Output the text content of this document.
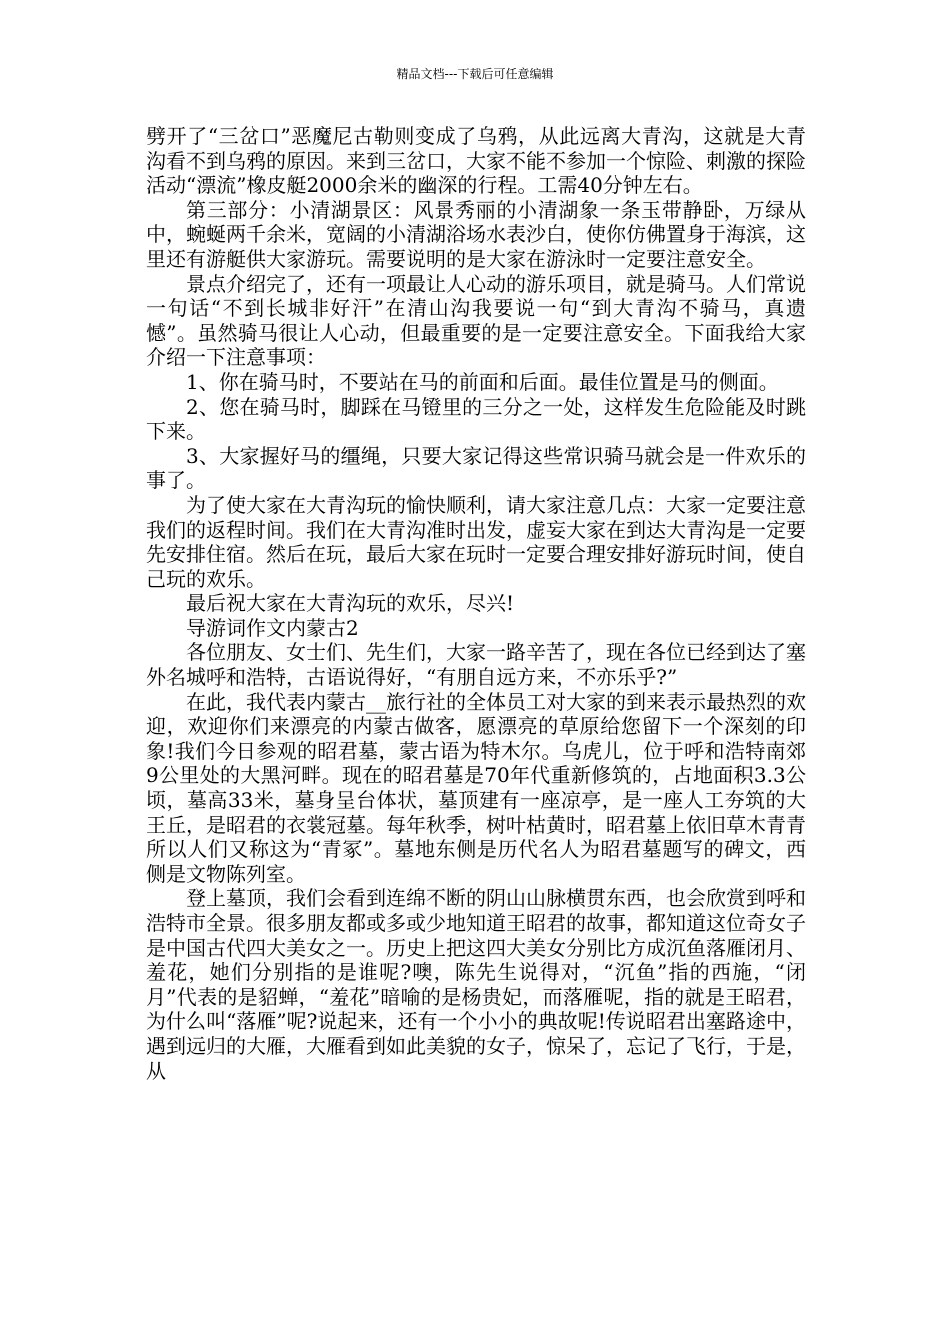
精品文档---下载后可任意编辑

劈开了“三岔口”恶魔尼古勒则变成了乌鸦，从此远离大青沟，这就是大青沟看不到乌鸦的原因。来到三岔口，大家不能不参加一个惊险、刺激的探险活动“漂流”橡皮艇2000余米的幽深的行程。工需40分钟左右。

第三部分：小清湖景区：风景秀丽的小清湖象一条玉带静卧，万绿从中，蜿蜒两千余米，宽阔的小清湖浴场水表沙白，使你仿佛置身于海滨，这里还有游艇供大家游玩。需要说明的是大家在游泳时一定要注意安全。

景点介绍完了，还有一项最让人心动的游乐项目，就是骑马。人们常说一句话“不到长城非好汗”在清山沟我要说一句“到大青沟不骑马，真遗憾”。虽然骑马很让人心动，但最重要的是一定要注意安全。下面我给大家介绍一下注意事项：

1、你在骑马时，不要站在马的前面和后面。最佳位置是马的侧面。

2、您在骑马时，脚踩在马镫里的三分之一处，这样发生危险能及时跳下来。

3、大家握好马的缰绳，只要大家记得这些常识骑马就会是一件欢乐的事了。

为了使大家在大青沟玩的愉快顺利，请大家注意几点：大家一定要注意我们的返程时间。我们在大青沟准时出发，虚妄大家在到达大青沟是一定要先安排住宿。然后在玩，最后大家在玩时一定要合理安排好游玩时间，使自己玩的欢乐。

最后祝大家在大青沟玩的欢乐，尽兴!

导游词作文内蒙古2

各位朋友、女士们、先生们，大家一路辛苦了，现在各位已经到达了塞外名城呼和浩特，古语说得好，“有朋自远方来，不亦乐乎?”

在此，我代表内蒙古__旅行社的全体员工对大家的到来表示最热烈的欢迎，欢迎你们来漂亮的内蒙古做客，愿漂亮的草原给您留下一个深刻的印象!我们今日参观的昭君墓，蒙古语为特木尔。乌虎儿，位于呼和浩特南郊9公里处的大黑河畔。现在的昭君墓是70年代重新修筑的，占地面积3.3公顷，墓高33米，墓身呈台体状，墓顶建有一座凉亭，是一座人工夯筑的大王丘，是昭君的衣裳冠墓。每年秋季，树叶枯黄时，昭君墓上依旧草木青青所以人们又称这为“青冢”。墓地东侧是历代名人为昭君墓题写的碑文，西侧是文物陈列室。

登上墓顶，我们会看到连绵不断的阴山山脉横贯东西，也会欣赏到呼和浩特市全景。很多朋友都或多或少地知道王昭君的故事，都知道这位奇女子是中国古代四大美女之一。历史上把这四大美女分别比方成沉鱼落雁闭月、羞花，她们分别指的是谁呢?噢，陈先生说得对，“沉鱼”指的西施，“闭月”代表的是貂蝉，“羞花”暗喻的是杨贵妃，而落雁呢，指的就是王昭君，为什么叫“落雁”呢?说起来，还有一个小小的典故呢!传说昭君出塞路途中，遇到远归的大雁，大雁看到如此美貌的女子，惊呆了，忘记了飞行，于是，从
